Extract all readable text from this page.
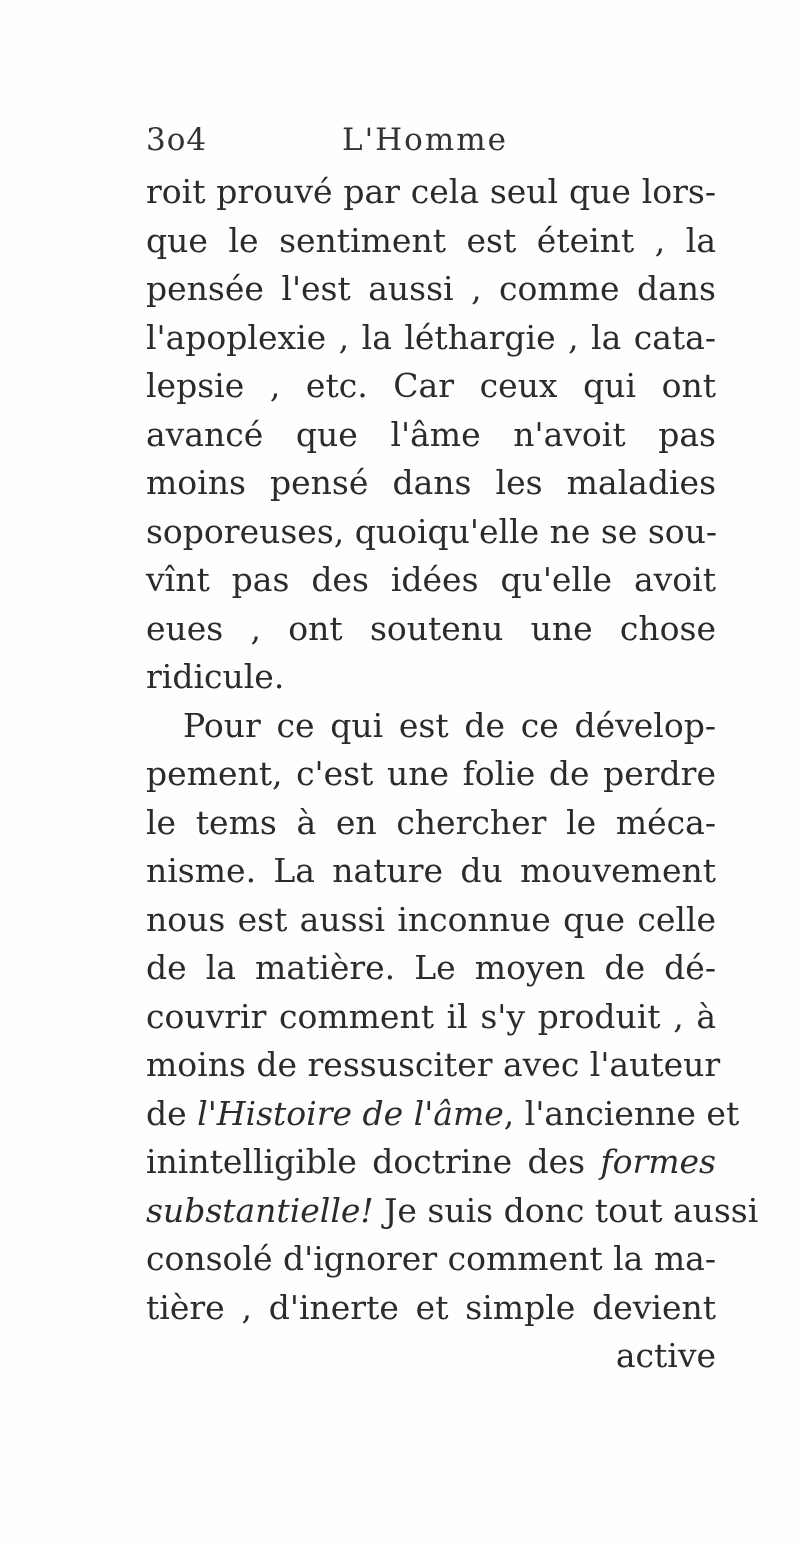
3o4	L'Homme
roit prouvé par cela seul que lors-
que le sentiment est éteint , la
pensée l'est aussi , comme dans
l'apoplexie , la léthargie , la cata-
lepsie , etc. Car ceux qui ont
avancé que l'âme n'avoit pas
moins pensé dans les maladies
soporeuses, quoiqu'elle ne se sou-
vînt pas des idées qu'elle avoit
eues , ont soutenu une chose
ridicule.
Pour ce qui est de ce dévelop-
pement, c'est une folie de perdre
le tems à en chercher le méca-
nisme. La nature du mouvement
nous est aussi inconnue que celle
de la matière. Le moyen de dé-
couvrir comment il s'y produit , à
moins de ressusciter avec l'auteur
de l'Histoire de l'âme, l'ancienne et
inintelligible doctrine des formes
substantielle! Je suis donc tout aussi
consolé d'ignorer comment la ma-
tière , d'inerte et simple devient
active
